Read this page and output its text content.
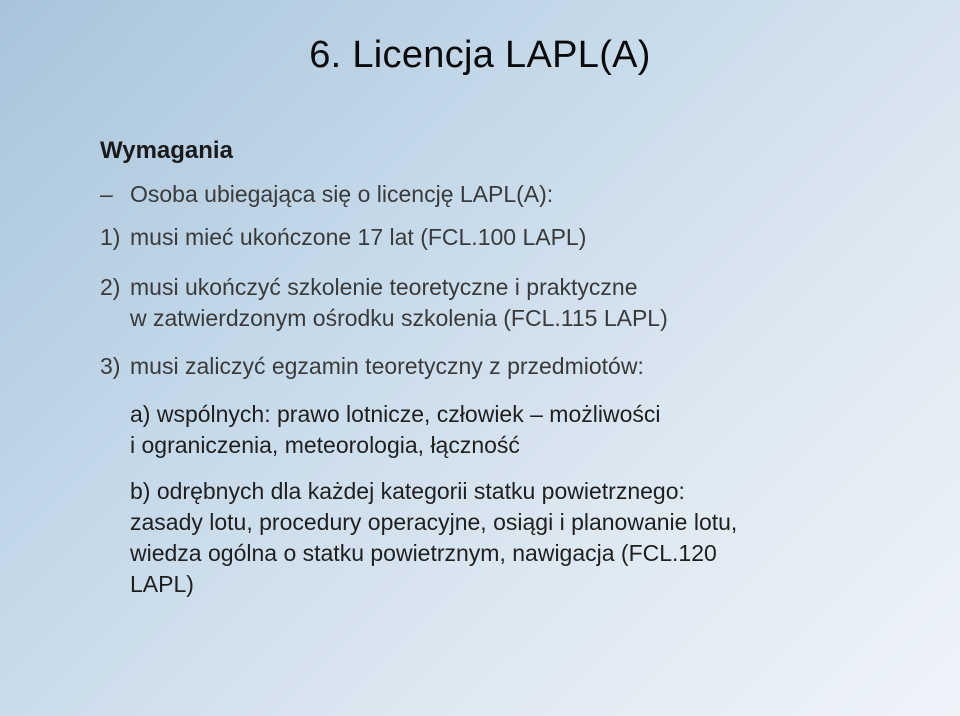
6. Licencja LAPL(A)
Wymagania
– Osoba ubiegająca się o licencję LAPL(A):
1) musi mieć ukończone 17 lat (FCL.100 LAPL)
2) musi ukończyć szkolenie teoretyczne i praktyczne
w zatwierdzonym ośrodku szkolenia (FCL.115 LAPL)
3) musi zaliczyć egzamin teoretyczny z przedmiotów:
a) wspólnych: prawo lotnicze, człowiek – możliwości
i ograniczenia, meteorologia, łączność
b) odrębnych dla każdej kategorii statku powietrznego:
zasady lotu, procedury operacyjne, osiągi i planowanie lotu,
wiedza ogólna o statku powietrznym, nawigacja (FCL.120
LAPL)
